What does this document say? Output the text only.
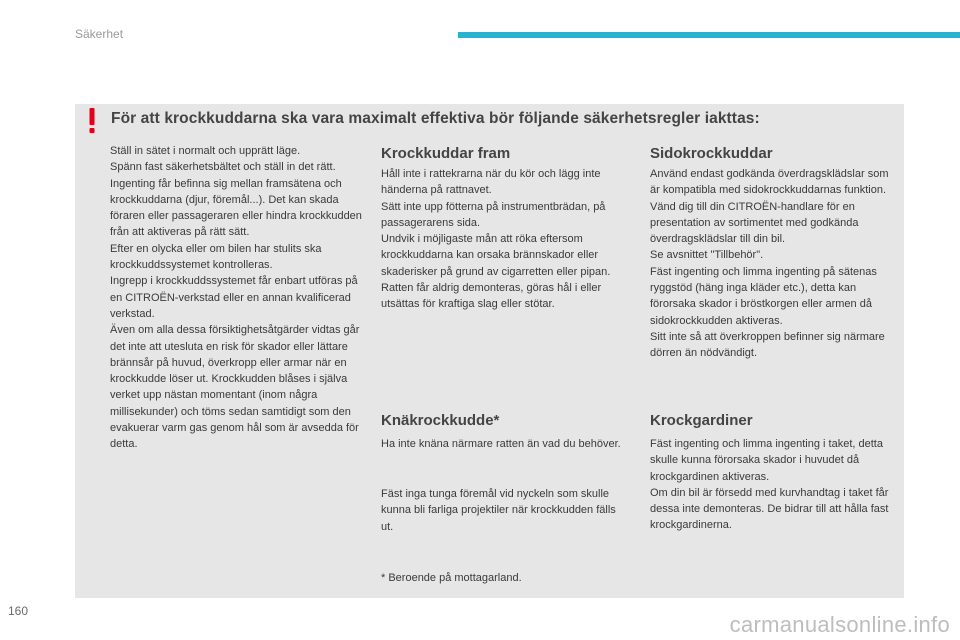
Säkerhet
För att krockkuddarna ska vara maximalt effektiva bör följande säkerhetsregler iakttas:
Ställ in sätet i normalt och upprätt läge.
Spänn fast säkerhetsbältet och ställ in det rätt.
Ingenting får befinna sig mellan framsätena och krockkuddarna (djur, föremål...). Det kan skada föraren eller passageraren eller hindra krockkudden från att aktiveras på rätt sätt.
Efter en olycka eller om bilen har stulits ska krockkuddssystemet kontrolleras.
Ingrepp i krockkuddssystemet får enbart utföras på en CITROËN-verkstad eller en annan kvalificerad verkstad.
Även om alla dessa försiktighetsåtgärder vidtas går det inte att utesluta en risk för skador eller lättare brännsår på huvud, överkropp eller armar när en krockkudde löser ut. Krockkudden blåses i själva verket upp nästan momentant (inom några millisekunder) och töms sedan samtidigt som den evakuerar varm gas genom hål som är avsedda för detta.
Krockkuddar fram
Håll inte i rattekrarna när du kör och lägg inte händerna på rattnavet.
Sätt inte upp fötterna på instrumentbrädan, på passagerarens sida.
Undvik i möjligaste mån att röka eftersom krockkuddarna kan orsaka brännskador eller skaderisker på grund av cigarretten eller pipan.
Ratten får aldrig demonteras, göras hål i eller utsättas för kraftiga slag eller stötar.
Knäkrockkudde*
Ha inte knäna närmare ratten än vad du behöver.
Fäst inga tunga föremål vid nyckeln som skulle kunna bli farliga projektiler när krockkudden fälls ut.
* Beroende på mottagarland.
Sidokrockkuddar
Använd endast godkända överdragsklädslar som är kompatibla med sidokrockkuddarnas funktion. Vänd dig till din CITROËN-handlare för en presentation av sortimentet med godkända överdragsklädslar till din bil.
Se avsnittet "Tillbehör".
Fäst ingenting och limma ingenting på sätenas ryggstöd (häng inga kläder etc.), detta kan förorsaka skador i bröstkorgen eller armen då sidokrockkudden aktiveras.
Sitt inte så att överkroppen befinner sig närmare dörren än nödvändigt.
Krockgardiner
Fäst ingenting och limma ingenting i taket, detta skulle kunna förorsaka skador i huvudet då krockgardinen aktiveras.
Om din bil är försedd med kurvhandtag i taket får dessa inte demonteras. De bidrar till att hålla fast krockgardinerna.
160
carmanualsonline.info
